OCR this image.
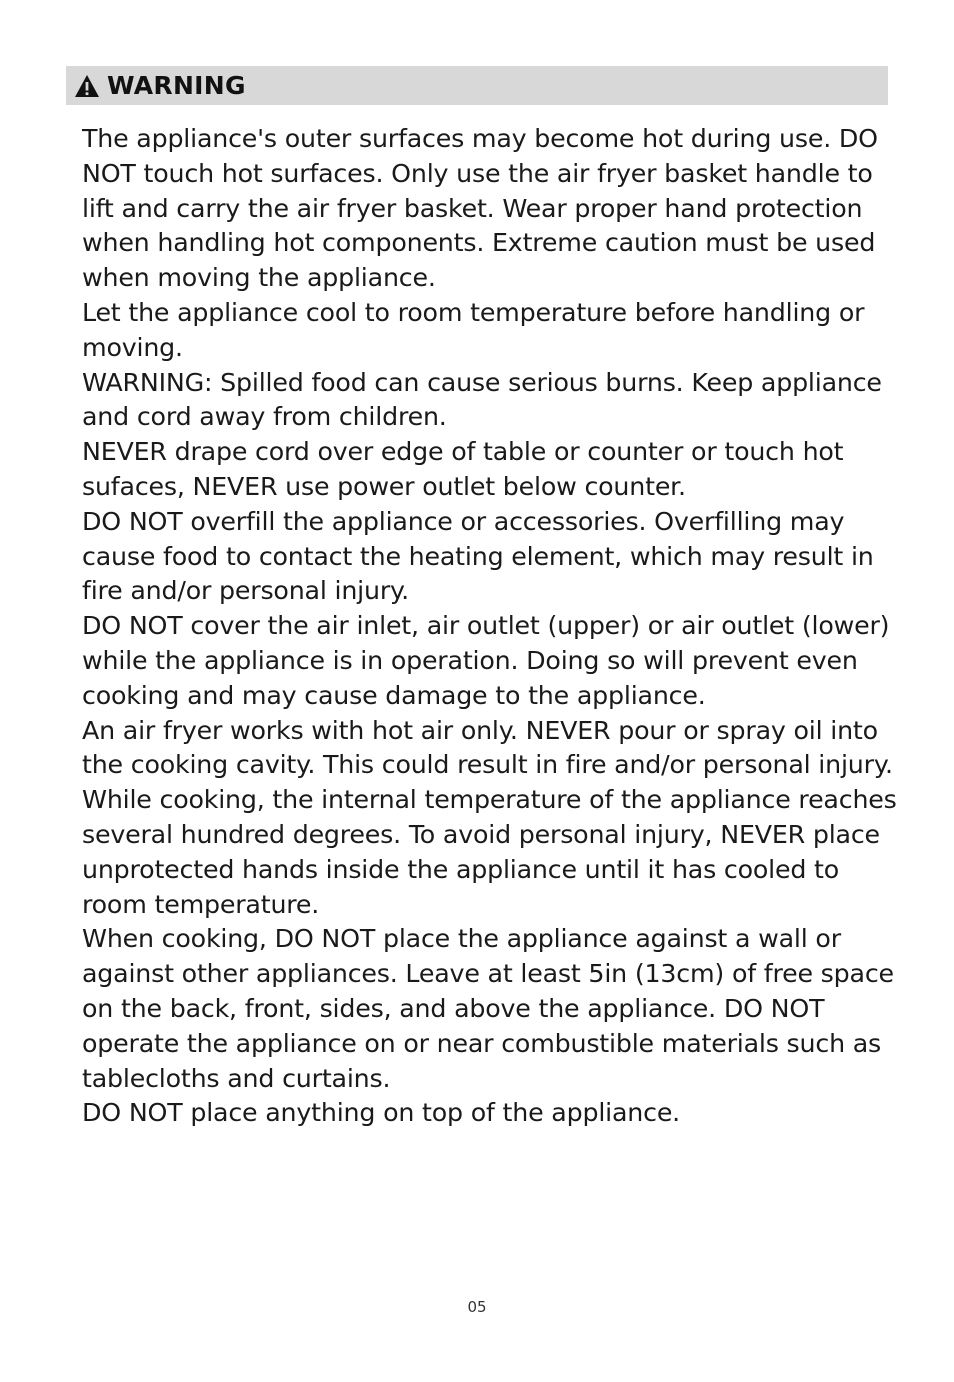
WARNING

The appliance's outer surfaces may become hot during use. DO NOT touch hot surfaces. Only use the air fryer basket handle to lift and carry the air fryer basket. Wear proper hand protection when handling hot components. Extreme caution must be used when moving the appliance.

Let the appliance cool to room temperature before handling or moving.

WARNING: Spilled food can cause serious burns. Keep appliance and cord away from children.

NEVER drape cord over edge of table or counter or touch hot sufaces, NEVER use power outlet below counter.

DO NOT overfill the appliance or accessories. Overfilling may cause food to contact the heating element, which may result in fire and/or personal injury.

DO NOT cover the air inlet, air outlet (upper) or air outlet (lower) while the appliance is in operation. Doing so will prevent even cooking and may cause damage to the appliance.

An air fryer works with hot air only. NEVER pour or spray oil into the cooking cavity. This could result in fire and/or personal injury.

While cooking, the internal temperature of the appliance reaches several hundred degrees. To avoid personal injury, NEVER place unprotected hands inside the appliance until it has cooled to room temperature.

When cooking, DO NOT place the appliance against a wall or against other appliances. Leave at least 5in (13cm) of free space on the back, front, sides, and above the appliance. DO NOT operate the appliance on or near combustible materials such as tablecloths and curtains.

DO NOT place anything on top of the appliance.

05
